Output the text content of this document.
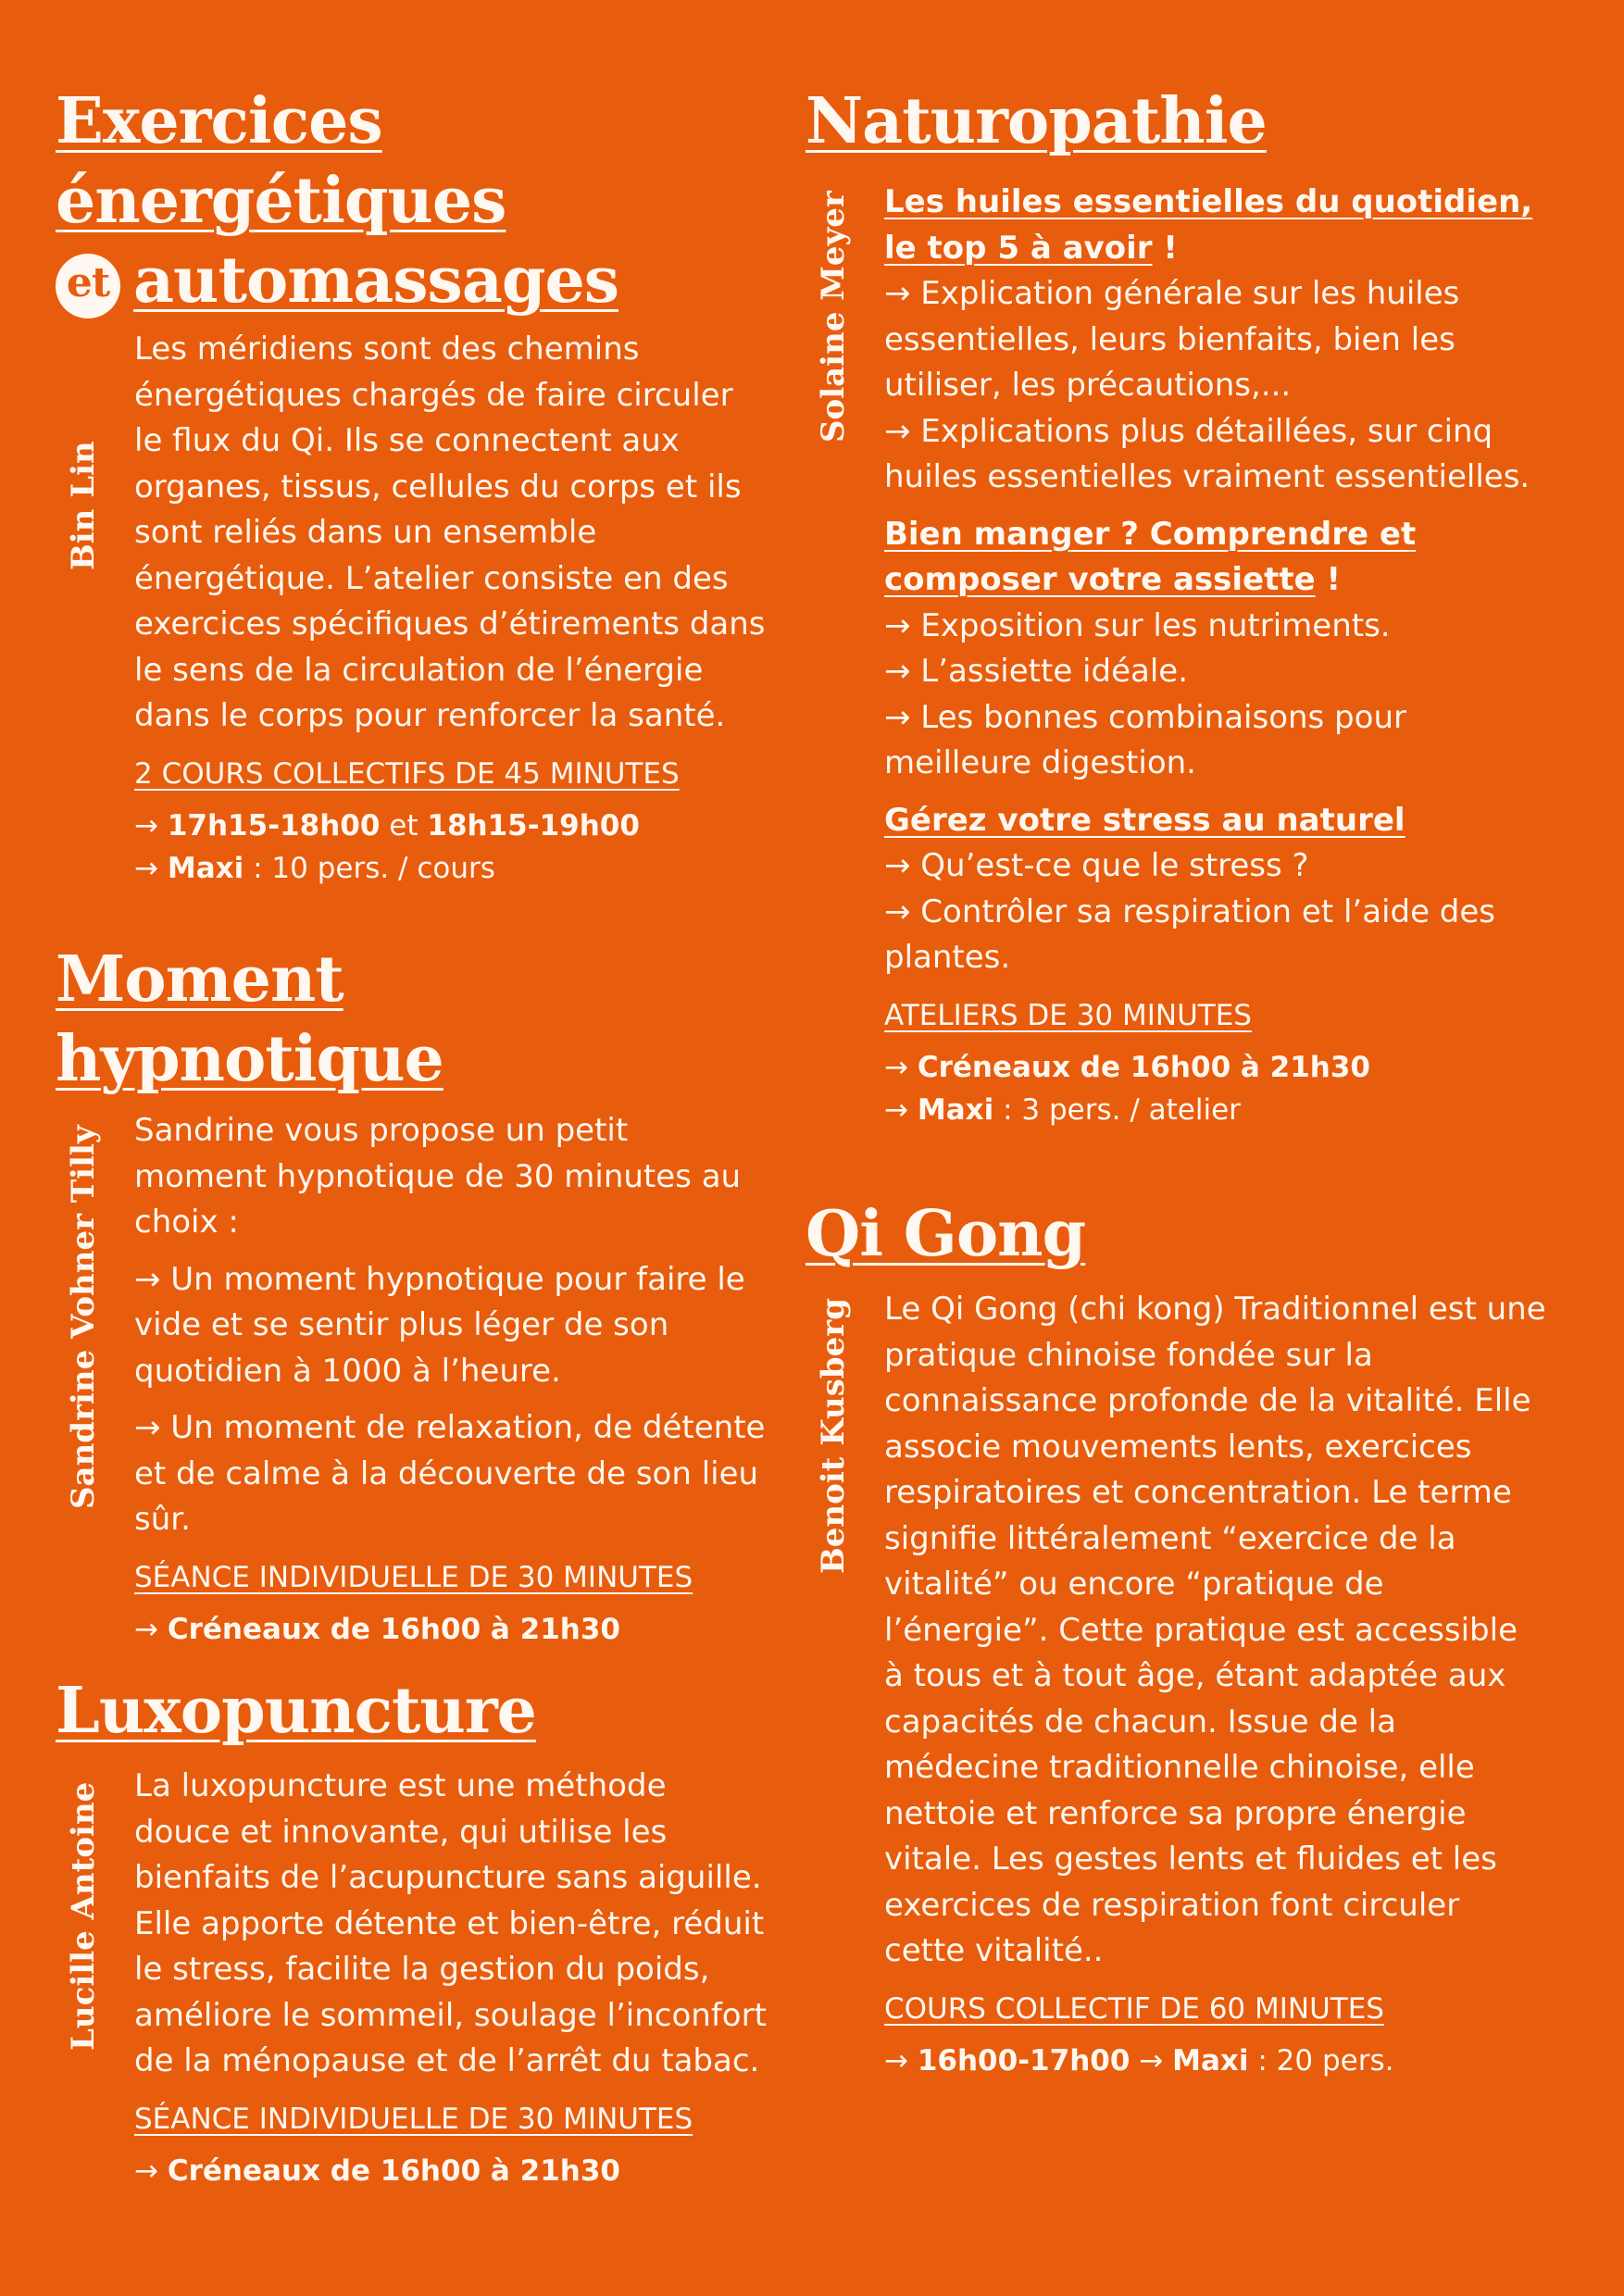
Exercices
énergétiques
et automassages
Bin Lin

Les méridiens sont des chemins énergétiques chargés de faire circuler le flux du Qi. Ils se connectent aux organes, tissus, cellules du corps et ils sont reliés dans un ensemble énergétique. L’atelier consiste en des exercices spécifiques d’étirements dans le sens de la circulation de l’énergie dans le corps pour renforcer la santé.

2 COURS COLLECTIFS DE 45 MINUTES

→ 17h15-18h00 et 18h15-19h00
→ Maxi : 10 pers. / cours
Moment
hypnotique
Sandrine Vohner Tilly Sandrine vous propose un petit moment hypnotique de 30 minutes au choix :

→ Un moment hypnotique pour faire le vide et se sentir plus léger de son quotidien à 1000 à l’heure.

→ Un moment de relaxation, de détente et de calme à la découverte de son lieu sûr.

SÉANCE INDIVIDUELLE DE 30 MINUTES

→ Créneaux de 16h00 à 21h30
Luxopuncture
Lucille Antoine La luxopuncture est une méthode douce et innovante, qui utilise les bienfaits de l’acupuncture sans aiguille. Elle apporte détente et bien-être, réduit le stress, facilite la gestion du poids, améliore le sommeil, soulage l’inconfort de la ménopause et de l’arrêt du tabac.

SÉANCE INDIVIDUELLE DE 30 MINUTES

→ Créneaux de 16h00 à 21h30
Naturopathie
Solaine Meyer Les huiles essentielles du quotidien, le top 5 à avoir !

→ Explication générale sur les huiles essentielles, leurs bienfaits, bien les utiliser, les précautions,...

→ Explications plus détaillées, sur cinq huiles essentielles vraiment essentielles.

Bien manger ? Comprendre et composer votre assiette !

→ Exposition sur les nutriments.

→ L’assiette idéale.

→ Les bonnes combinaisons pour meilleure digestion.

Gérez votre stress au naturel

→ Qu’est-ce que le stress ?

→ Contrôler sa respiration et l’aide des plantes.

ATELIERS DE 30 MINUTES

→ Créneaux de 16h00 à 21h30
→ Maxi : 3 pers. / atelier
Qi Gong
Benoit Kusberg Le Qi Gong (chi kong) Traditionnel est une pratique chinoise fondée sur la connaissance profonde de la vitalité. Elle associe mouvements lents, exercices respiratoires et concentration. Le terme signifie littéralement “exercice de la vitalité” ou encore “pratique de l’énergie”. Cette pratique est accessible à tous et à tout âge, étant adaptée aux capacités de chacun. Issue de la médecine traditionnelle chinoise, elle nettoie et renforce sa propre énergie vitale. Les gestes lents et fluides et les exercices de respiration font circuler cette vitalité..

COURS COLLECTIF DE 60 MINUTES

→ 16h00-17h00 → Maxi : 20 pers.
